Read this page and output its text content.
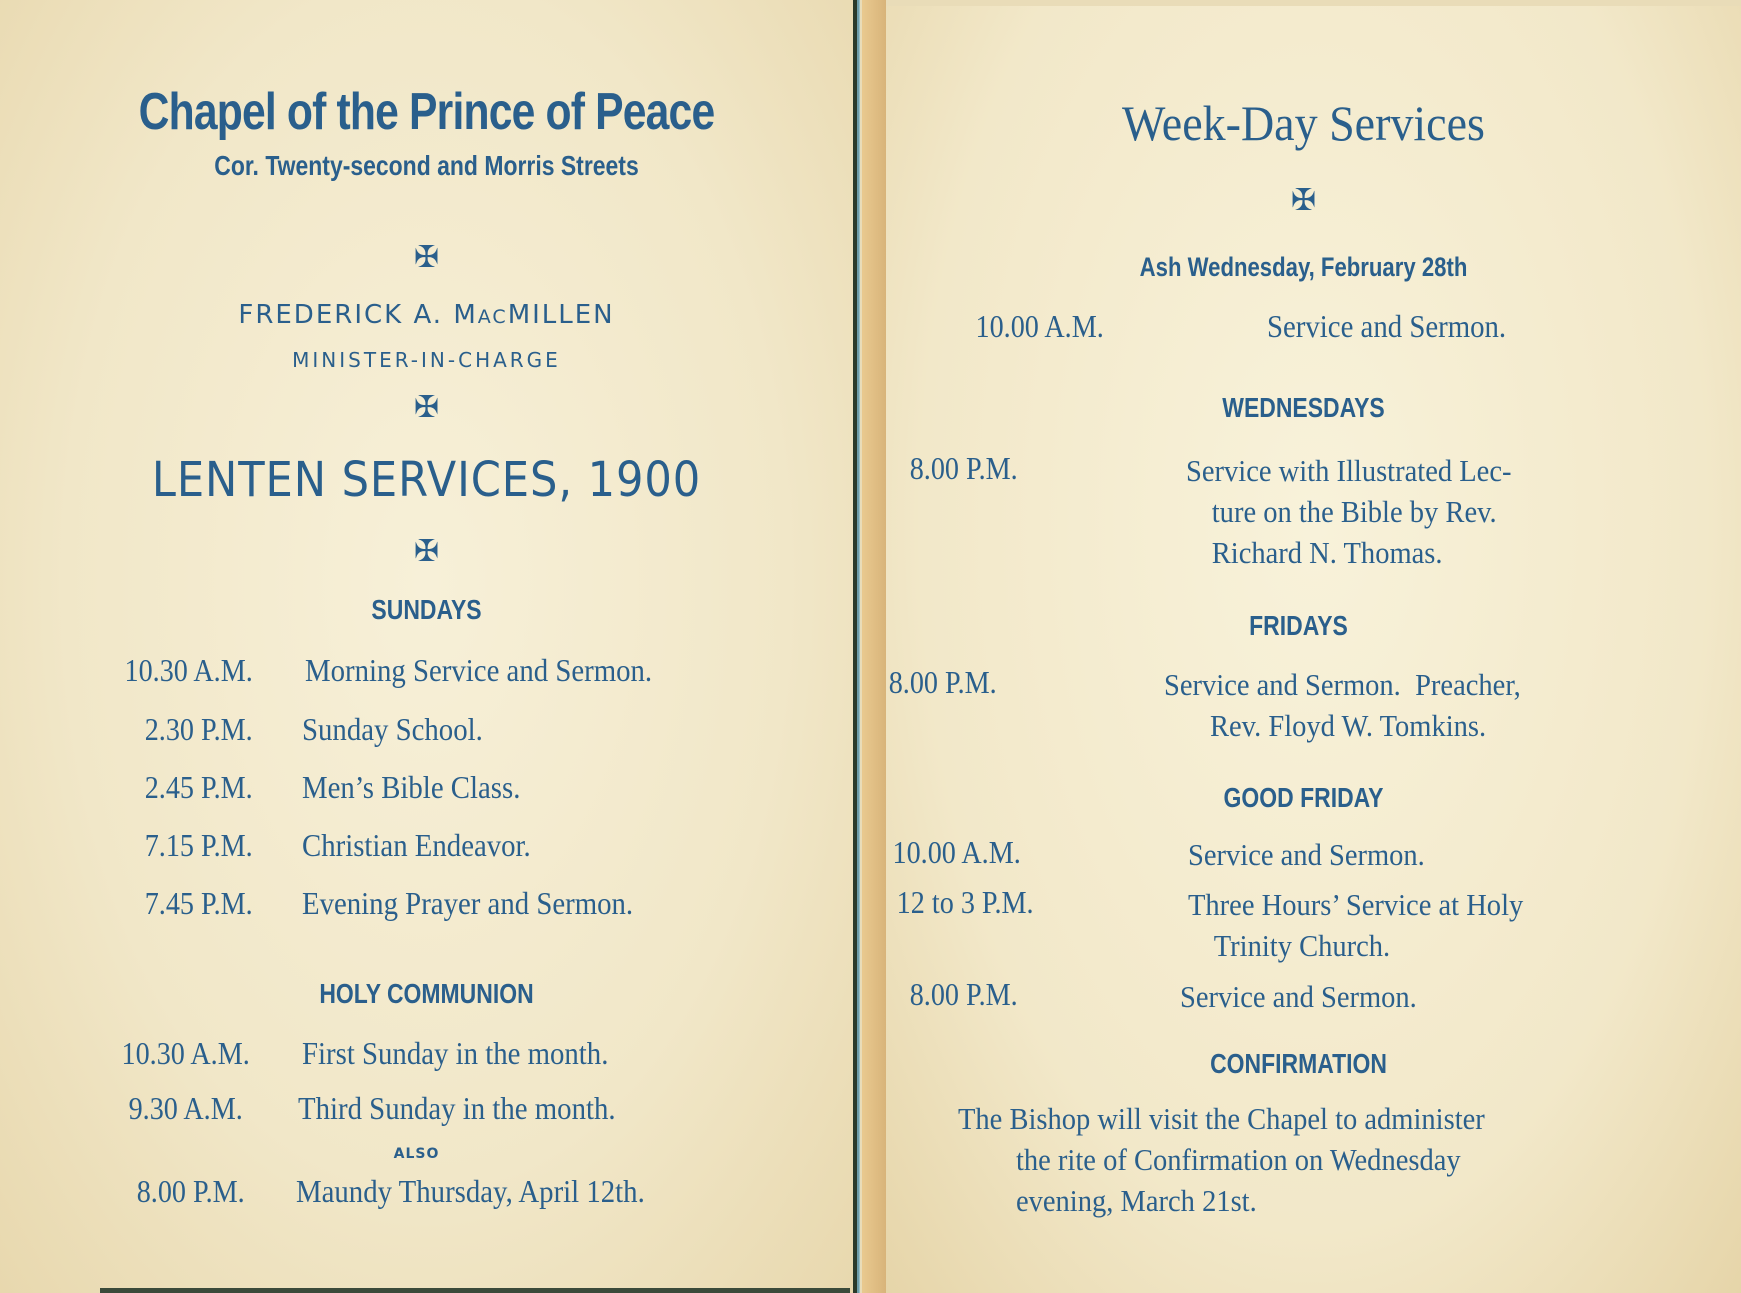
Chapel of the Prince of Peace
Cor. Twenty-second and Morris Streets
✠
FREDERICK A. MACMILLEN
MINISTER-IN-CHARGE
✠
LENTEN SERVICES, 1900
✠
SUNDAYS
10.30 A.M. Morning Service and Sermon.
2.30 P.M. Sunday School.
2.45 P.M. Men’s Bible Class.
7.15 P.M. Christian Endeavor.
7.45 P.M. Evening Prayer and Sermon.
HOLY COMMUNION
10.30 A.M. First Sunday in the month.
9.30 A.M. Third Sunday in the month.
ALSO
8.00 P.M. Maundy Thursday, April 12th.
Week-Day Services
✠
Ash Wednesday, February 28th
10.00 A.M.	Service and Sermon.
WEDNESDAYS
8.00 P.M.	Service with Illustrated Lec-
ture on the Bible by Rev.
Richard N. Thomas.
FRIDAYS
8.00 P.M.	Service and Sermon.  Preacher,
Rev. Floyd W. Tomkins.
GOOD FRIDAY
10.00 A.M.	Service and Sermon.
12 to 3 P.M.	Three Hours’ Service at Holy
Trinity Church.
8.00 P.M.	Service and Sermon.
CONFIRMATION
The Bishop will visit the Chapel to administer
the rite of Confirmation on Wednesday
evening, March 21st.
